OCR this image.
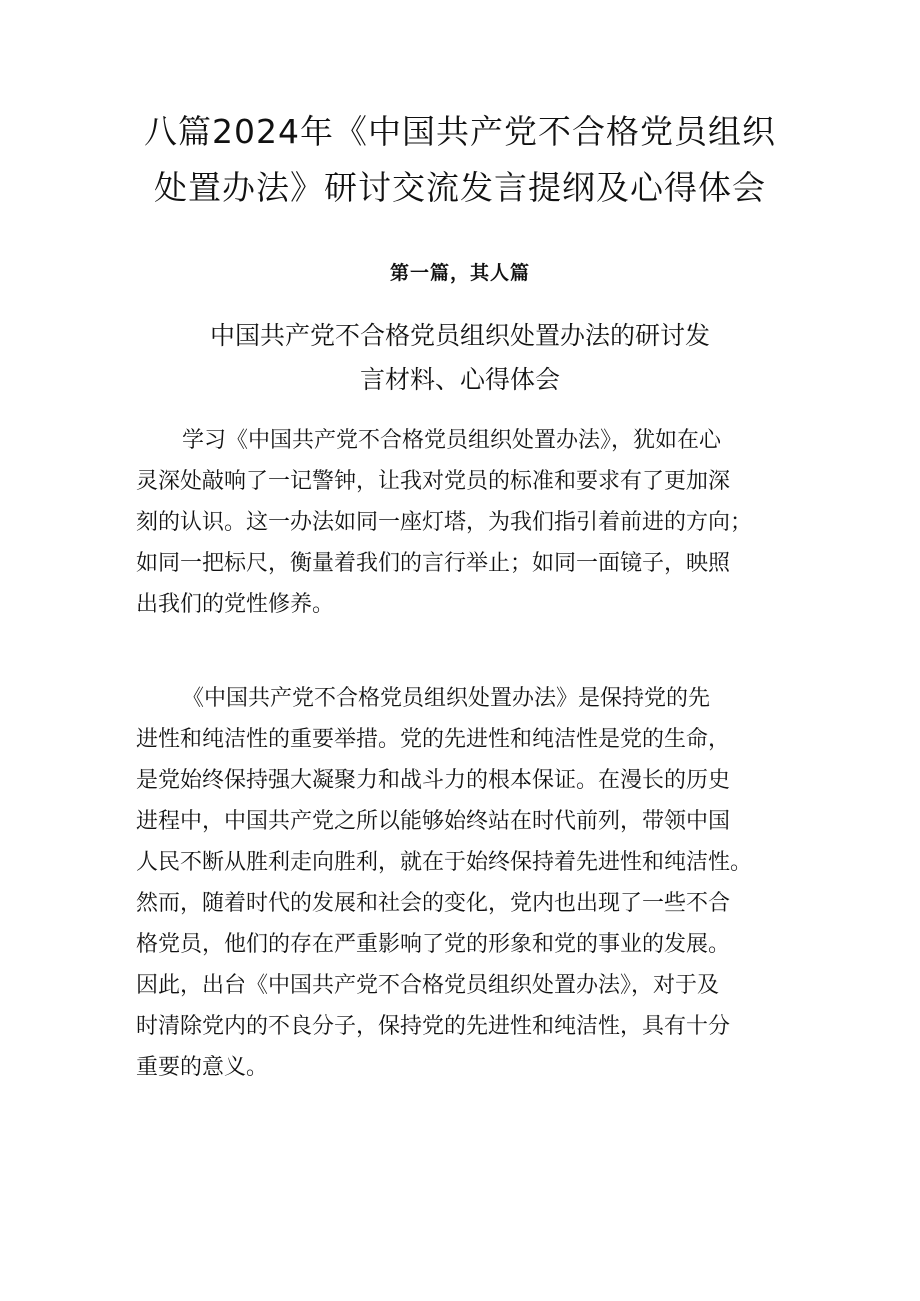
八篇2024年《中国共产党不合格党员组织
处置办法》研讨交流发言提纲及心得体会
第一篇，其人篇
中国共产党不合格党员组织处置办法的研讨发
言材料、心得体会

学习《中国共产党不合格党员组织处置办法》，犹如在心
灵深处敲响了一记警钟，让我对党员的标准和要求有了更加深
刻的认识。这一办法如同一座灯塔，为我们指引着前进的方向；
如同一把标尺，衡量着我们的言行举止；如同一面镜子，映照
出我们的党性修养。

《中国共产党不合格党员组织处置办法》是保持党的先
进性和纯洁性的重要举措。党的先进性和纯洁性是党的生命，
是党始终保持强大凝聚力和战斗力的根本保证。在漫长的历史
进程中，中国共产党之所以能够始终站在时代前列，带领中国
人民不断从胜利走向胜利，就在于始终保持着先进性和纯洁性。
然而，随着时代的发展和社会的变化，党内也出现了一些不合
格党员，他们的存在严重影响了党的形象和党的事业的发展。
因此，出台《中国共产党不合格党员组织处置办法》，对于及
时清除党内的不良分子，保持党的先进性和纯洁性，具有十分
重要的意义。
